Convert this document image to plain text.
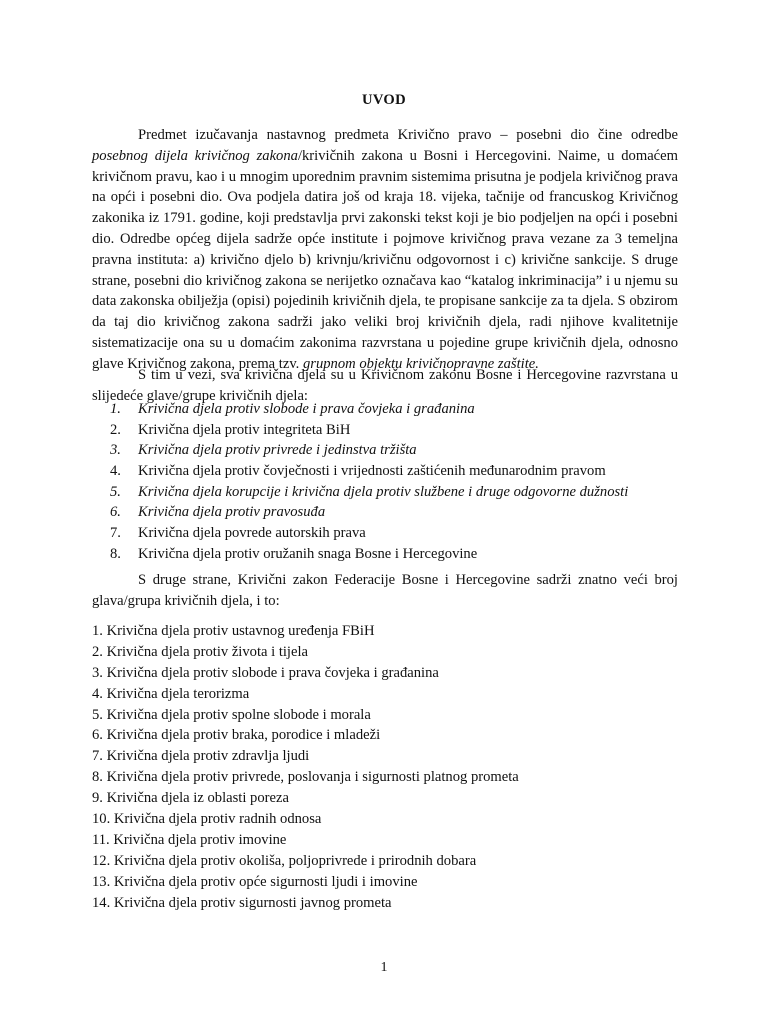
UVOD

Predmet izučavanja nastavnog predmeta Krivično pravo – posebni dio čine odredbe posebnog dijela krivičnog zakona/krivičnih zakona u Bosni i Hercegovini. Naime, u domaćem krivičnom pravu, kao i u mnogim uporednim pravnim sistemima prisutna je podjela krivičnog prava na opći i posebni dio. Ova podjela datira još od kraja 18. vijeka, tačnije od francuskog Krivičnog zakonika iz 1791. godine, koji predstavlja prvi zakonski tekst koji je bio podjeljen na opći i posebni dio. Odredbe općeg dijela sadrže opće institute i pojmove krivičnog prava vezane za 3 temeljna pravna instituta: a) krivično djelo b) krivnju/krivičnu odgovornost i c) krivične sankcije. S druge strane, posebni dio krivičnog zakona se nerijetko označava kao “katalog inkriminacija” i u njemu su data zakonska obilježja (opisi) pojedinih krivičnih djela, te propisane sankcije za ta djela. S obzirom da taj dio krivičnog zakona sadrži jako veliki broj krivičnih djela, radi njihove kvalitetnije sistematizacije ona su u domaćim zakonima razvrstana u pojedine grupe krivičnih djela, odnosno glave Krivičnog zakona, prema tzv. grupnom objektu krivičnopravne zaštite.

S tim u vezi, sva krivična djela su u Krivičnom zakonu Bosne i Hercegovine razvrstana u slijedeće glave/grupe krivičnih djela:

1. Krivična djela protiv slobode i prava čovjeka i građanina
2. Krivična djela protiv integriteta BiH
3. Krivična djela protiv privrede i jedinstva tržišta
4. Krivična djela protiv čovječnosti i vrijednosti zaštićenih međunarodnim pravom
5. Krivična djela korupcije i krivična djela protiv službene i druge odgovorne dužnosti
6. Krivična djela protiv pravosuđa
7. Krivična djela povrede autorskih prava
8. Krivična djela protiv oružanih snaga Bosne i Hercegovine

S druge strane, Krivični zakon Federacije Bosne i Hercegovine sadrži znatno veći broj glava/grupa krivičnih djela, i to:

1. Krivična djela protiv ustavnog uređenja FBiH
2. Krivična djela protiv života i tijela
3. Krivična djela protiv slobode i prava čovjeka i građanina
4. Krivična djela terorizma
5. Krivična djela protiv spolne slobode i morala
6. Krivična djela protiv braka, porodice i mladeži
7. Krivična djela protiv zdravlja ljudi
8. Krivična djela protiv privrede, poslovanja i sigurnosti platnog prometa
9. Krivična djela iz oblasti poreza
10. Krivična djela protiv radnih odnosa
11. Krivična djela protiv imovine
12. Krivična djela protiv okoliša, poljoprivrede i prirodnih dobara
13. Krivična djela protiv opće sigurnosti ljudi i imovine
14. Krivična djela protiv sigurnosti javnog prometa
1
